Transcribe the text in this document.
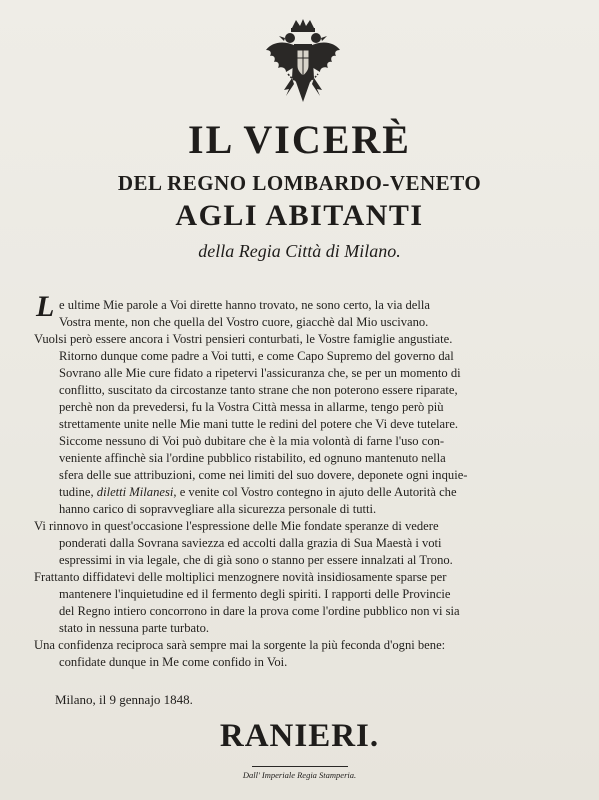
IL VICERÈ
DEL REGNO LOMBARDO-VENETO
AGLI ABITANTI
della Regia Città di Milano.
L e ultime Mie parole a Voi dirette hanno trovato, ne sono certo, la via della
Vostra mente, non che quella del Vostro cuore, giacchè dal Mio uscivano.
Vuolsi però essere ancora i Vostri pensieri conturbati, le Vostre famiglie angustiate.
Ritorno dunque come padre a Voi tutti, e come Capo Supremo del governo dal
Sovrano alle Mie cure fidato a ripetervi l'assicuranza che, se per un momento di
conflitto, suscitato da circostanze tanto strane che non poterono essere riparate,
perchè non da prevedersi, fu la Vostra Città messa in allarme, tengo però più
strettamente unite nelle Mie mani tutte le redini del potere che Vi deve tutelare.
Siccome nessuno di Voi può dubitare che è la mia volontà di farne l'uso con-
veniente affinchè sia l'ordine pubblico ristabilito, ed ognuno mantenuto nella
sfera delle sue attribuzioni, come nei limiti del suo dovere, deponete ogni inquie-
tudine, diletti Milanesi, e venite col Vostro contegno in ajuto delle Autorità che
hanno carico di sopravvegliare alla sicurezza personale di tutti.
Vi rinnovo in quest'occasione l'espressione delle Mie fondate speranze di vedere
ponderati dalla Sovrana saviezza ed accolti dalla grazia di Sua Maestà i voti
espressimi in via legale, che di già sono o stanno per essere innalzati al Trono.
Frattanto diffidatevi delle moltiplici menzognere novità insidiosamente sparse per
mantenere l'inquietudine ed il fermento degli spiriti. I rapporti delle Provincie
del Regno intiero concorrono in dare la prova come l'ordine pubblico non vi sia
stato in nessuna parte turbato.
Una confidenza reciproca sarà sempre mai la sorgente la più feconda d'ogni bene:
confidate dunque in Me come confido in Voi.
Milano, il 9 gennajo 1848.
RANIERI.
Dall' Imperiale Regia Stamperia.
